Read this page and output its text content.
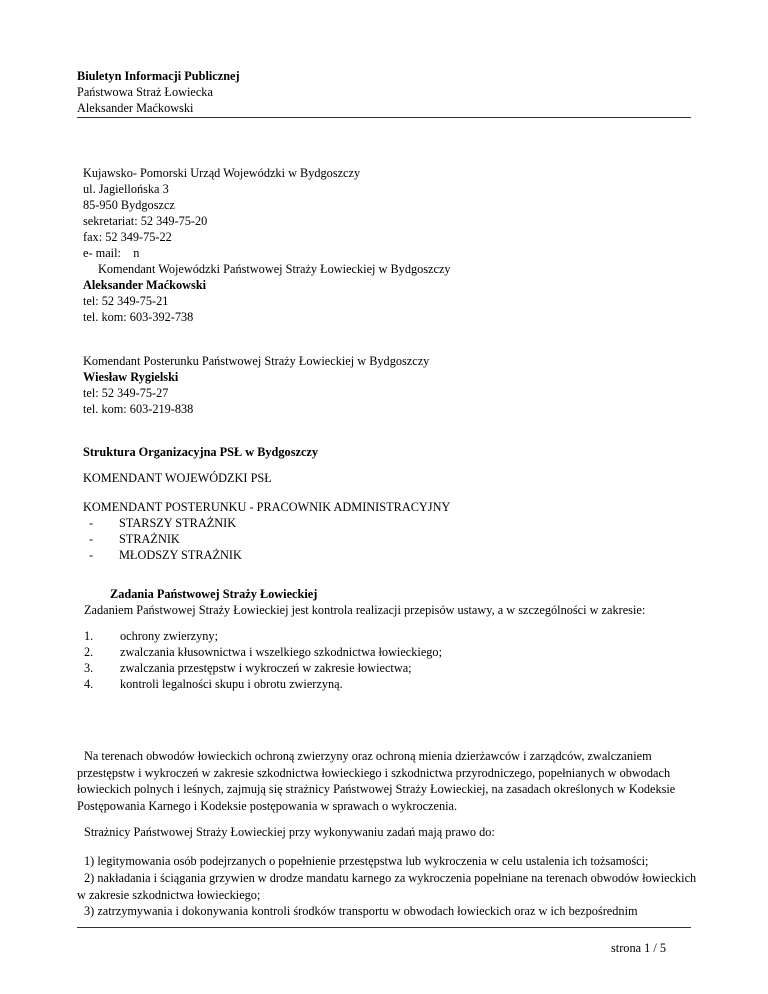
Biuletyn Informacji Publicznej
Państwowa Straż Łowiecka
Aleksander Maćkowski
Kujawsko- Pomorski Urząd Wojewódzki w Bydgoszczy
ul. Jagiellońska 3
85-950 Bydgoszcz
sekretariat: 52 349-75-20
fax: 52 349-75-22
e- mail:    n
Komendant Wojewódzki Państwowej Straży Łowieckiej w Bydgoszczy
Aleksander Maćkowski
tel: 52 349-75-21
tel. kom: 603-392-738
Komendant Posterunku Państwowej Straży Łowieckiej w Bydgoszczy
Wiesław Rygielski
tel: 52 349-75-27
tel. kom: 603-219-838
Struktura Organizacyjna PSŁ w Bydgoszczy
KOMENDANT WOJEWÓDZKI PSŁ
KOMENDANT POSTERUNKU - PRACOWNIK ADMINISTRACYJNY
- STARSZY STRAŻNIK
- STRAŻNIK
- MŁODSZY STRAŻNIK
Zadania Państwowej Straży Łowieckiej
Zadaniem Państwowej Straży Łowieckiej jest kontrola realizacji przepisów ustawy, a w szczególności w zakresie:
1. ochrony zwierzyny;
2. zwalczania kłusownictwa i wszelkiego szkodnictwa łowieckiego;
3. zwalczania przestępstw i wykroczeń w zakresie łowiectwa;
4. kontroli legalności skupu i obrotu zwierzyną.
Na terenach obwodów łowieckich ochroną zwierzyny oraz ochroną mienia dzierżawców i zarządców, zwalczaniem przestępstw i wykroczeń w zakresie szkodnictwa łowieckiego i szkodnictwa przyrodniczego, popełnianych w obwodach łowieckich polnych i leśnych, zajmują się strażnicy Państwowej Straży Łowieckiej, na zasadach określonych w Kodeksie Postępowania Karnego i Kodeksie postępowania w sprawach o wykroczenia.
Strażnicy Państwowej Straży Łowieckiej przy wykonywaniu zadań mają prawo do:
1) legitymowania osób podejrzanych o popełnienie przestępstwa lub wykroczenia w celu ustalenia ich tożsamości;
2) nakładania i ściągania grzywien w drodze mandatu karnego za wykroczenia popełniane na terenach obwodów łowieckich w zakresie szkodnictwa łowieckiego;
3) zatrzymywania i dokonywania kontroli środków transportu w obwodach łowieckich oraz w ich bezpośrednim
strona 1 / 5
